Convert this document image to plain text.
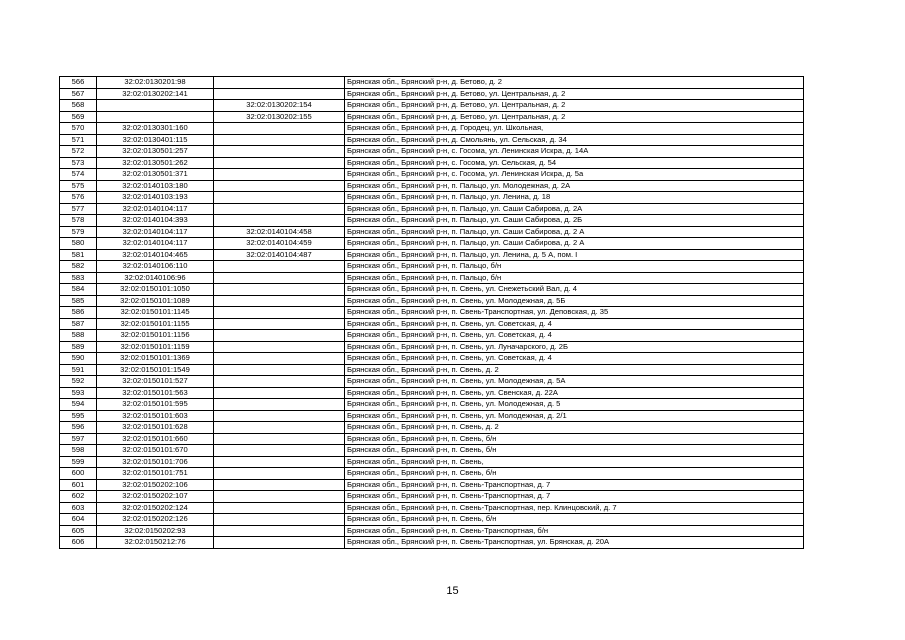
566	32:02:0130201:98		Брянская обл., Брянский р-н, д. Бетово, д. 2
567	32:02:0130202:141		Брянская обл., Брянский р-н, д. Бетово, ул. Центральная, д. 2
568		32:02:0130202:154	Брянская обл., Брянский р-н, д. Бетово, ул. Центральная, д. 2
569		32:02:0130202:155	Брянская обл., Брянский р-н, д. Бетово, ул. Центральная, д. 2
570	32:02:0130301:160		Брянская обл., Брянский р-н, д. Городец, ул. Школьная,
571	32:02:0130401:115		Брянская обл., Брянский р-н, д. Смольянь, ул. Сельская, д. 34
572	32:02:0130501:257		Брянская обл., Брянский р-н, с. Госома, ул. Ленинская Искра, д. 14А
573	32:02:0130501:262		Брянская обл., Брянский р-н, с. Госома, ул. Сельская, д. 54
574	32:02:0130501:371		Брянская обл., Брянский р-н, с. Госома, ул. Ленинская Искра, д. 5а
575	32:02:0140103:180		Брянская обл., Брянский р-н, п. Пальцо, ул. Молодежная, д. 2А
576	32:02:0140103:193		Брянская обл., Брянский р-н, п. Пальцо, ул. Ленина, д. 18
577	32:02:0140104:117		Брянская обл., Брянский р-н, п. Пальцо, ул. Саши Сабирова, д. 2А
578	32:02:0140104:393		Брянская обл., Брянский р-н, п. Пальцо, ул. Саши Сабирова, д. 2Б
579	32:02:0140104:117	32:02:0140104:458	Брянская обл., Брянский р-н, п. Пальцо, ул. Саши Сабирова, д. 2 А
580	32:02:0140104:117	32:02:0140104:459	Брянская обл., Брянский р-н, п. Пальцо, ул. Саши Сабирова, д. 2 А
581	32:02:0140104:465	32:02:0140104:487	Брянская обл., Брянский р-н, п. Пальцо, ул. Ленина, д. 5 А, пом. I
582	32:02:0140106:110		Брянская обл., Брянский р-н, п. Пальцо, б/н
583	32:02:0140106:96		Брянская обл., Брянский р-н, п. Пальцо, б/н
584	32:02:0150101:1050		Брянская обл., Брянский р-н, п. Свень, ул. Снежетьский Вал, д. 4
585	32:02:0150101:1089		Брянская обл., Брянский р-н, п. Свень, ул. Молодежная, д. 5Б
586	32:02:0150101:1145		Брянская обл., Брянский р-н, п. Свень-Транспортная, ул. Деповская, д. 35
587	32:02:0150101:1155		Брянская обл., Брянский р-н, п. Свень, ул. Советская, д. 4
588	32:02:0150101:1156		Брянская обл., Брянский р-н, п. Свень, ул. Советская, д. 4
589	32:02:0150101:1159		Брянская обл., Брянский р-н, п. Свень, ул. Луначарского, д. 2Б
590	32:02:0150101:1369		Брянская обл., Брянский р-н, п. Свень, ул. Советская, д. 4
591	32:02:0150101:1549		Брянская обл., Брянский р-н, п. Свень, д. 2
592	32:02:0150101:527		Брянская обл., Брянский р-н, п. Свень, ул. Молодежная, д. 5А
593	32:02:0150101:563		Брянская обл., Брянский р-н, п. Свень, ул. Свенская, д. 22А
594	32:02:0150101:595		Брянская обл., Брянский р-н, п. Свень, ул. Молодежная, д. 5
595	32:02:0150101:603		Брянская обл., Брянский р-н, п. Свень, ул. Молодежная, д. 2/1
596	32:02:0150101:628		Брянская обл., Брянский р-н, п. Свень, д. 2
597	32:02:0150101:660		Брянская обл., Брянский р-н, п. Свень, б/н
598	32:02:0150101:670		Брянская обл., Брянский р-н, п. Свень, б/н
599	32:02:0150101:706		Брянская обл., Брянский р-н, п. Свень,
600	32:02:0150101:751		Брянская обл., Брянский р-н, п. Свень, б/н
601	32:02:0150202:106		Брянская обл., Брянский р-н, п. Свень-Транспортная, д. 7
602	32:02:0150202:107		Брянская обл., Брянский р-н, п. Свень-Транспортная, д. 7
603	32:02:0150202:124		Брянская обл., Брянский р-н, п. Свень-Транспортная, пер. Клинцовский, д. 7
604	32:02:0150202:126		Брянская обл., Брянский р-н, п. Свень, б/н
605	32:02:0150202:93		Брянская обл., Брянский р-н, п. Свень-Транспортная, б/н
606	32:02:0150212:76		Брянская обл., Брянский р-н, п. Свень-Транспортная, ул. Брянская, д. 20А
15
